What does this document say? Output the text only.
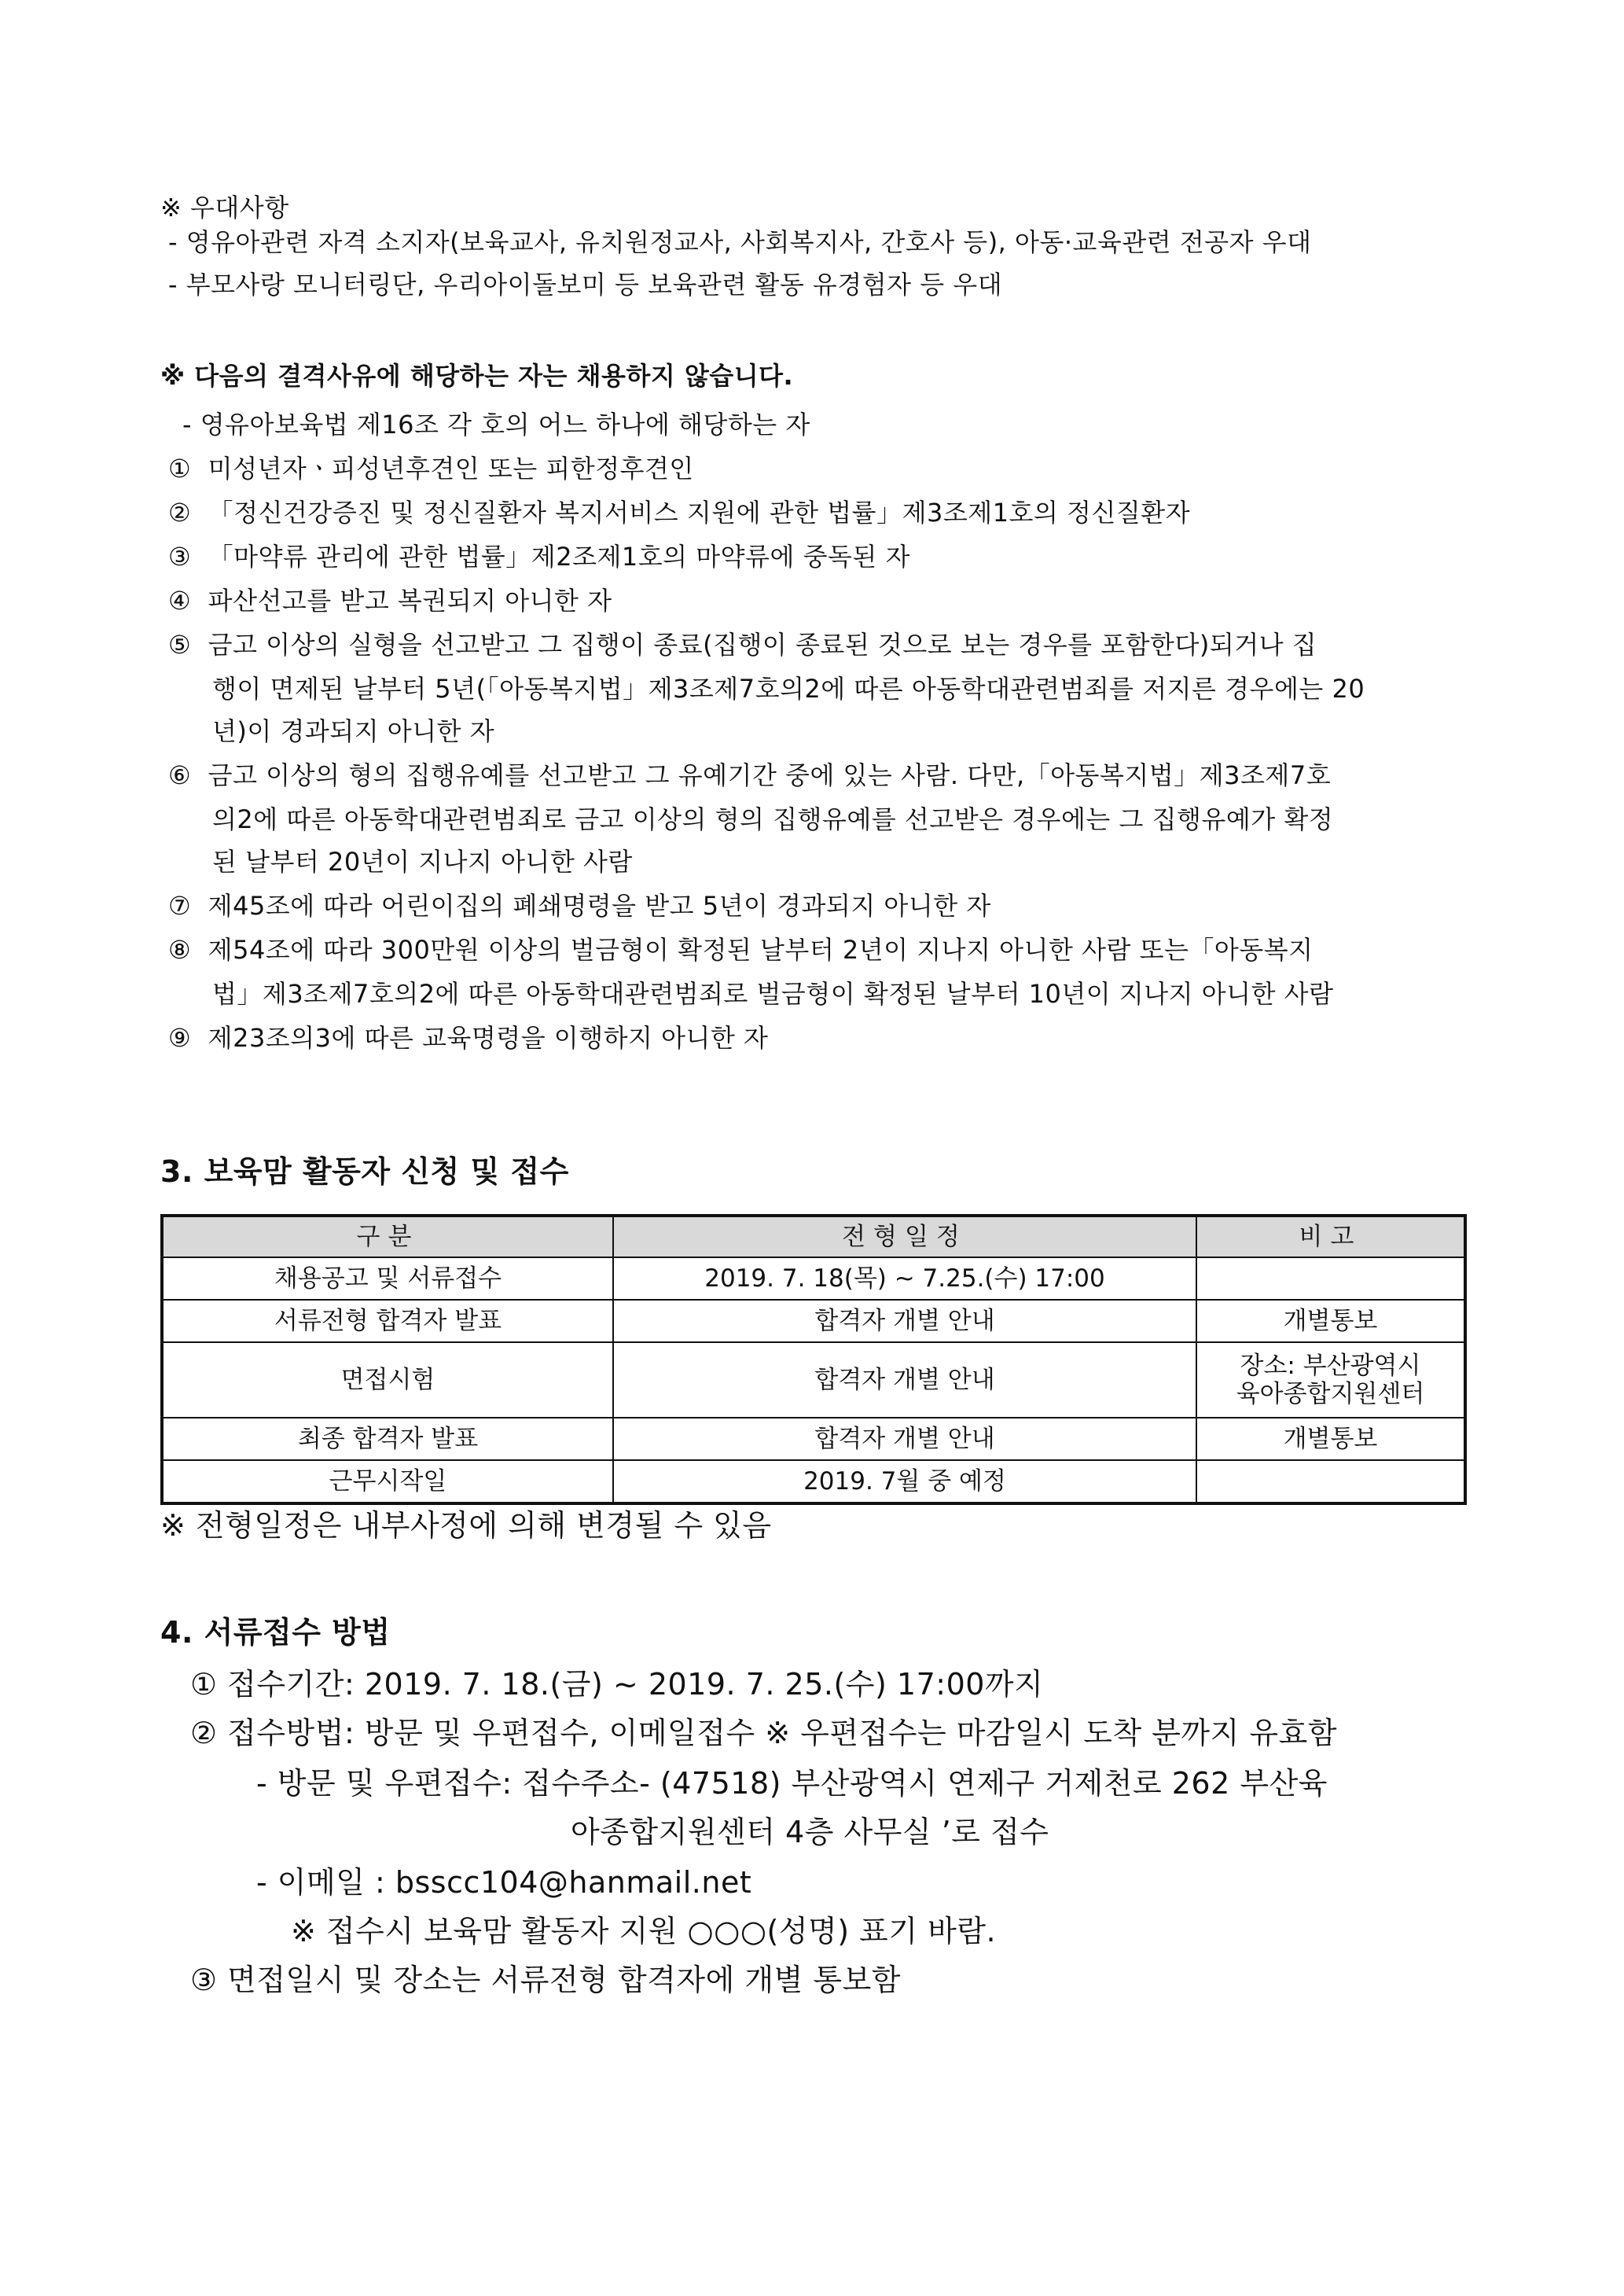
※ 우대사항
- 영유아관련 자격 소지자(보육교사, 유치원정교사, 사회복지사, 간호사 등), 아동·교육관련 전공자 우대
- 부모사랑 모니터링단, 우리아이돌보미 등 보육관련 활동 유경험자 등 우대
※ 다음의 결격사유에 해당하는 자는 채용하지 않습니다.
- 영유아보육법 제16조 각 호의 어느 하나에 해당하는 자
① 미성년자ㆍ피성년후견인 또는 피한정후견인
② 「정신건강증진 및 정신질환자 복지서비스 지원에 관한 법률」제3조제1호의 정신질환자
③ 「마약류 관리에 관한 법률」제2조제1호의 마약류에 중독된 자
④ 파산선고를 받고 복권되지 아니한 자
⑤ 금고 이상의 실형을 선고받고 그 집행이 종료(집행이 종료된 것으로 보는 경우를 포함한다)되거나 집
행이 면제된 날부터 5년(「아동복지법」제3조제7호의2에 따른 아동학대관련범죄를 저지른 경우에는 20
년)이 경과되지 아니한 자
⑥ 금고 이상의 형의 집행유예를 선고받고 그 유예기간 중에 있는 사람. 다만,「아동복지법」제3조제7호
의2에 따른 아동학대관련범죄로 금고 이상의 형의 집행유예를 선고받은 경우에는 그 집행유예가 확정
된 날부터 20년이 지나지 아니한 사람
⑦ 제45조에 따라 어린이집의 폐쇄명령을 받고 5년이 경과되지 아니한 자
⑧ 제54조에 따라 300만원 이상의 벌금형이 확정된 날부터 2년이 지나지 아니한 사람 또는「아동복지
법」제3조제7호의2에 따른 아동학대관련범죄로 벌금형이 확정된 날부터 10년이 지나지 아니한 사람
⑨ 제23조의3에 따른 교육명령을 이행하지 아니한 자
3. 보육맘 활동자 신청 및 접수
구분	전형일정	비고
채용공고 및 서류접수	2019. 7. 18(목) ~ 7.25.(수) 17:00	
서류전형 합격자 발표	합격자 개별 안내	개별통보
면접시험	합격자 개별 안내	장소: 부산광역시
육아종합지원센터
최종 합격자 발표	합격자 개별 안내	개별통보
근무시작일	2019. 7월 중 예정	
※ 전형일정은 내부사정에 의해 변경될 수 있음
4. 서류접수 방법
① 접수기간: 2019. 7. 18.(금) ~ 2019. 7. 25.(수) 17:00까지
② 접수방법: 방문 및 우편접수, 이메일접수 ※ 우편접수는 마감일시 도착 분까지 유효함
- 방문 및 우편접수: 접수주소- (47518) 부산광역시 연제구 거제천로 262 부산육
아종합지원센터 4층 사무실 ’로 접수
- 이메일 : bsscc104@hanmail.net
※ 접수시 보육맘 활동자 지원 ○○○(성명) 표기 바람.
③ 면접일시 및 장소는 서류전형 합격자에 개별 통보함
